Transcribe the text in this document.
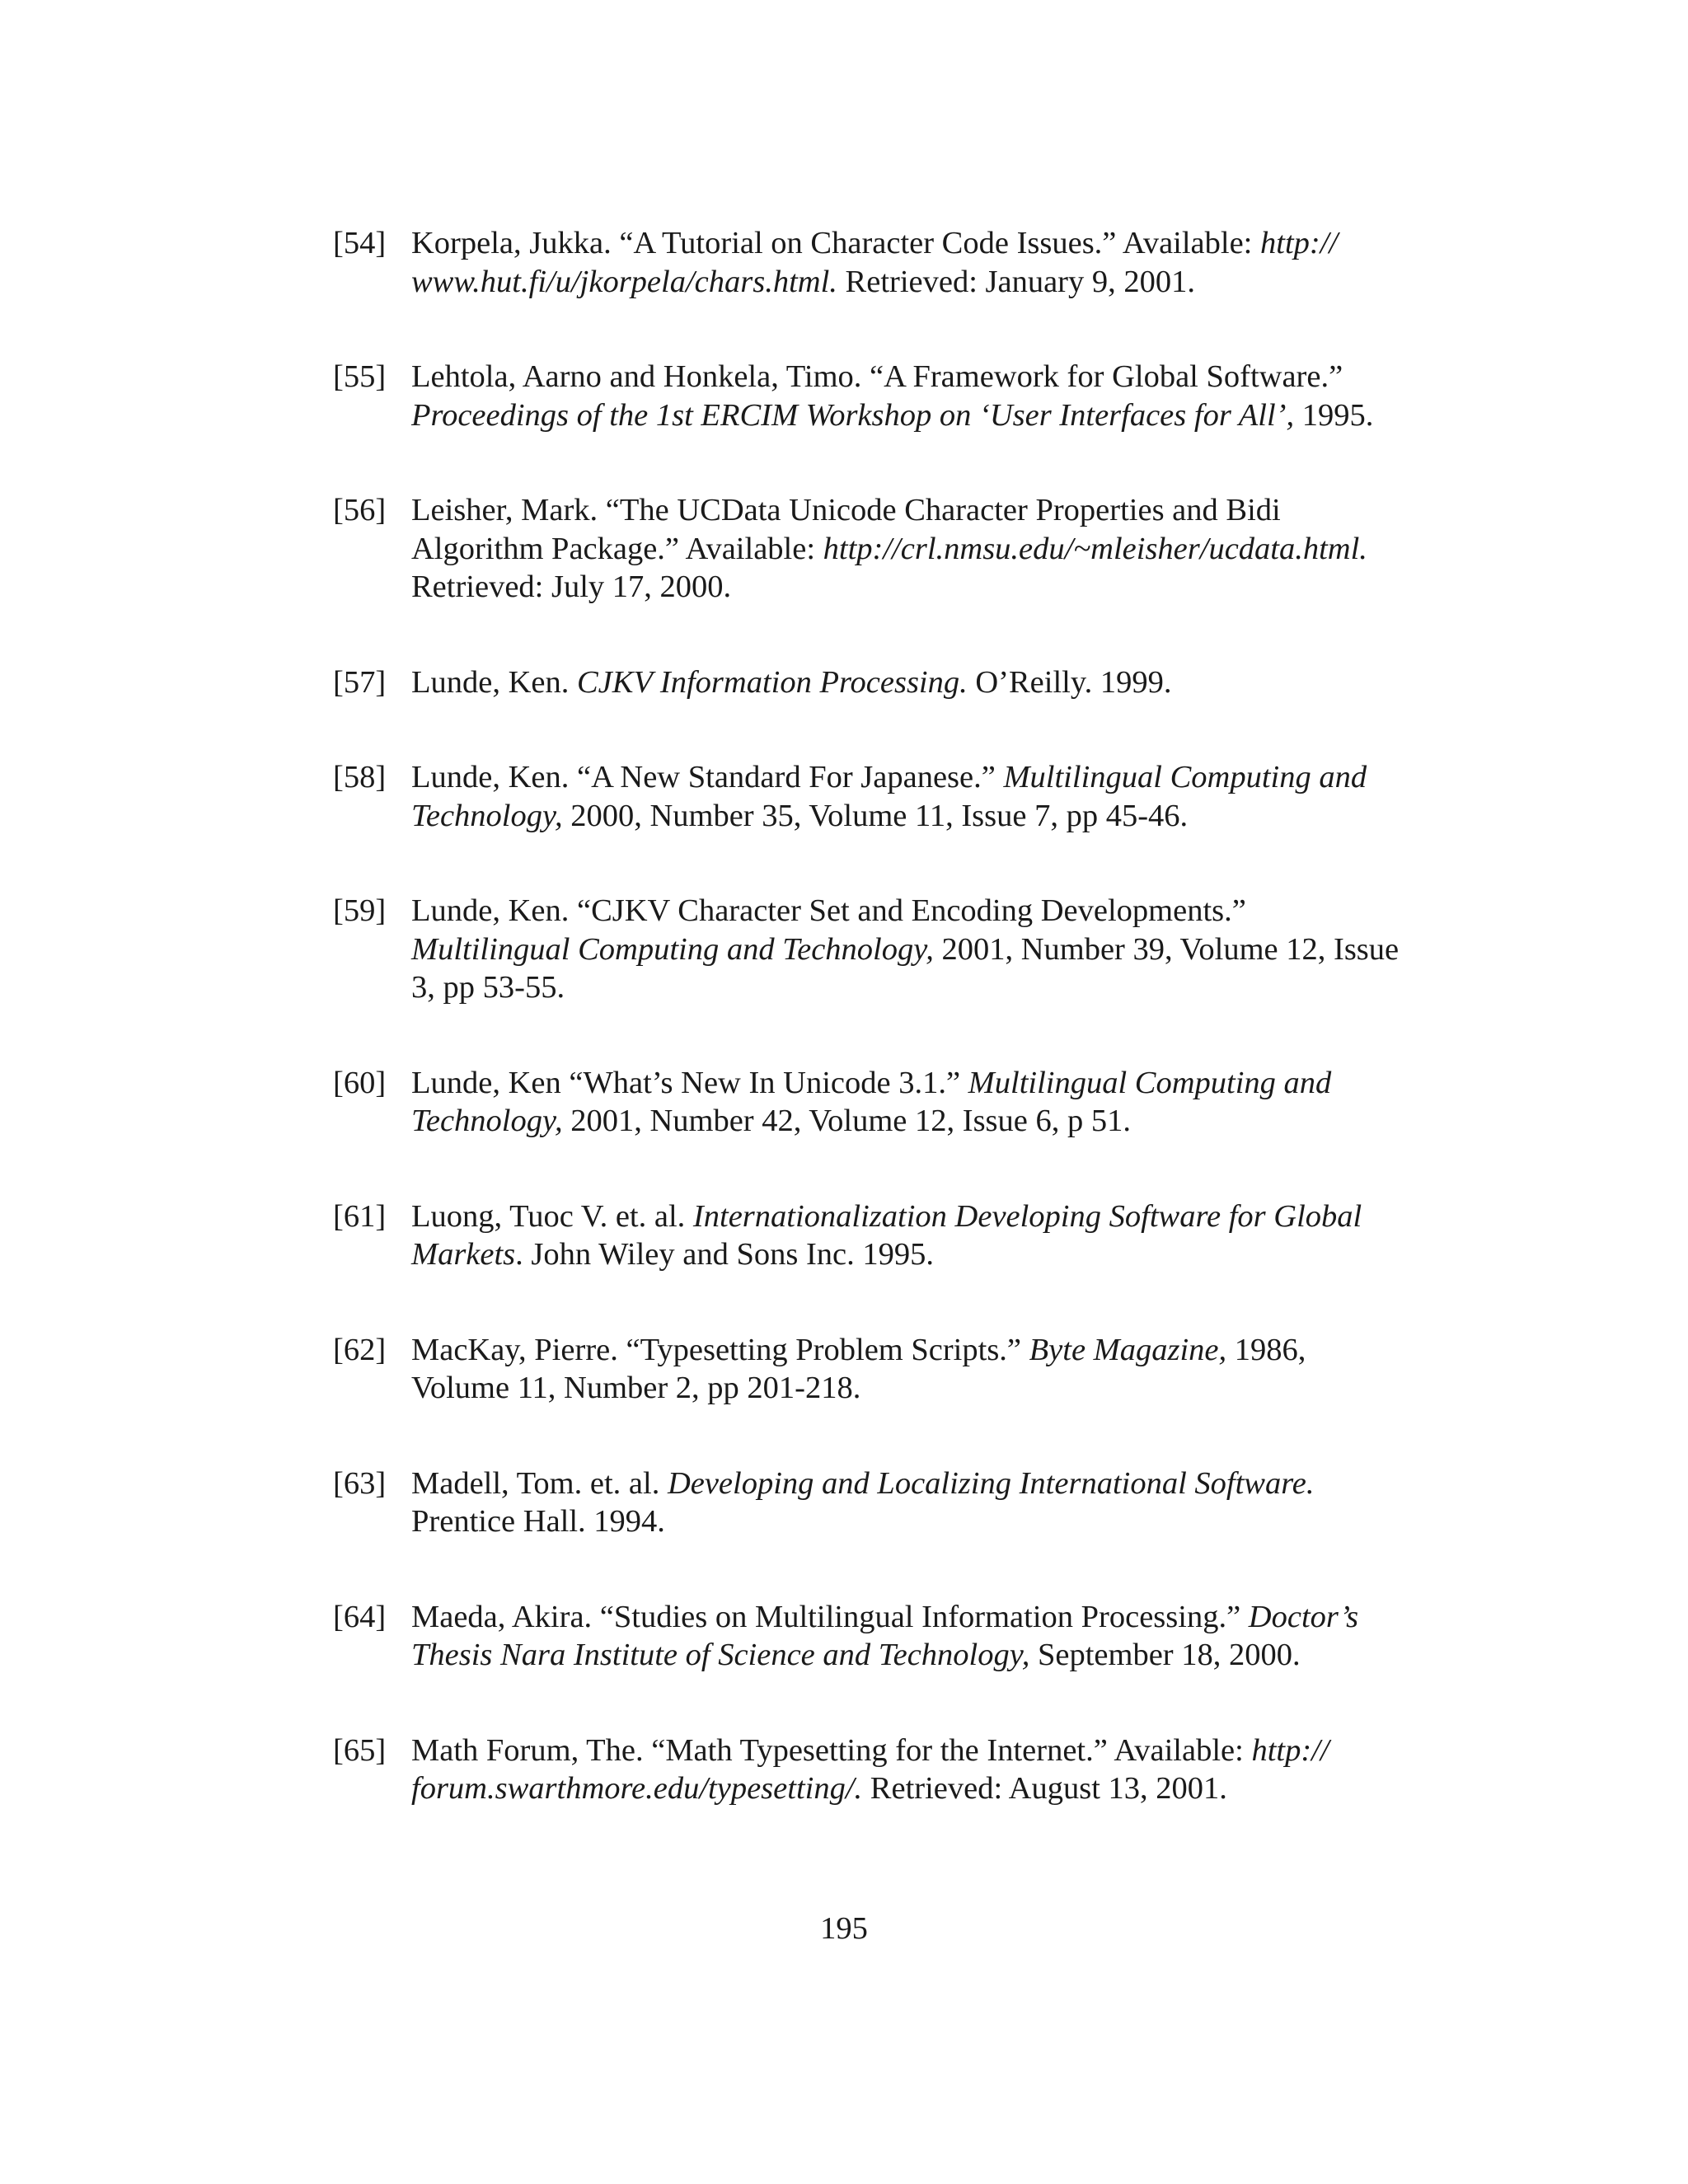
[54] Korpela, Jukka. “A Tutorial on Character Code Issues.” Available: http://
www.hut.fi/u/jkorpela/chars.html. Retrieved: January 9, 2001.
[55] Lehtola, Aarno and Honkela, Timo. “A Framework for Global Software.”
Proceedings of the 1st ERCIM Workshop on ‘User Interfaces for All’, 1995.
[56] Leisher, Mark. “The UCData Unicode Character Properties and Bidi
Algorithm Package.” Available: http://crl.nmsu.edu/~mleisher/ucdata.html.
Retrieved: July 17, 2000.
[57] Lunde, Ken. CJKV Information Processing. O’Reilly. 1999.
[58] Lunde, Ken. “A New Standard For Japanese.” Multilingual Computing and
Technology, 2000, Number 35, Volume 11, Issue 7, pp 45-46.
[59] Lunde, Ken. “CJKV Character Set and Encoding Developments.”
Multilingual Computing and Technology, 2001, Number 39, Volume 12, Issue
3, pp 53-55.
[60] Lunde, Ken “What’s New In Unicode 3.1.” Multilingual Computing and
Technology, 2001, Number 42, Volume 12, Issue 6, p 51.
[61] Luong, Tuoc V. et. al. Internationalization Developing Software for Global
Markets. John Wiley and Sons Inc. 1995.
[62] MacKay, Pierre. “Typesetting Problem Scripts.” Byte Magazine, 1986,
Volume 11, Number 2, pp 201-218.
[63] Madell, Tom. et. al. Developing and Localizing International Software.
Prentice Hall. 1994.
[64] Maeda, Akira. “Studies on Multilingual Information Processing.” Doctor’s
Thesis Nara Institute of Science and Technology, September 18, 2000.
[65] Math Forum, The. “Math Typesetting for the Internet.” Available: http://
forum.swarthmore.edu/typesetting/. Retrieved: August 13, 2001.
195
